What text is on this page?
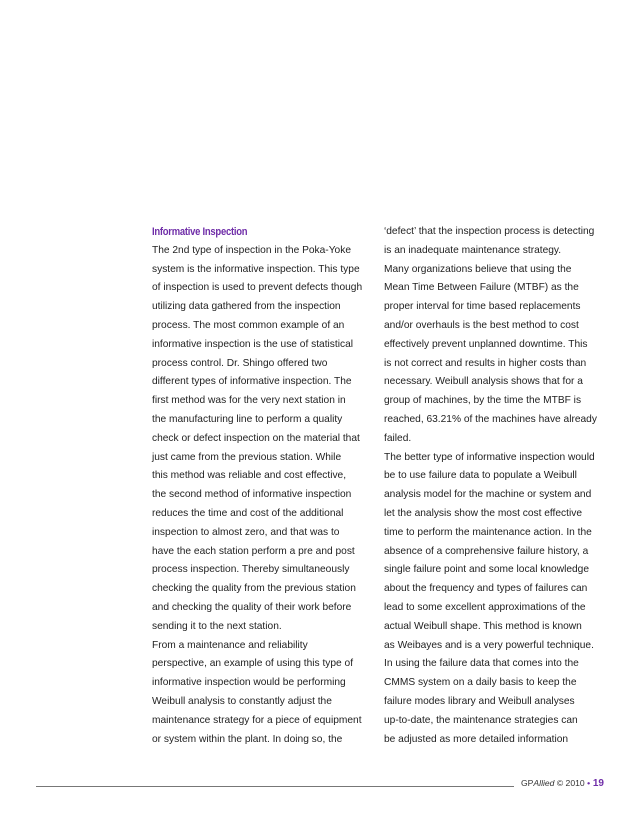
Informative Inspection
The 2nd type of inspection in the Poka-Yoke
system is the informative inspection. This type
of inspection is used to prevent defects though
utilizing data gathered from the inspection
process. The most common example of an
informative inspection is the use of statistical
process control. Dr. Shingo offered two
different types of informative inspection. The
first method was for the very next station in
the manufacturing line to perform a quality
check or defect inspection on the material that
just came from the previous station. While
this method was reliable and cost effective,
the second method of informative inspection
reduces the time and cost of the additional
inspection to almost zero, and that was to
have the each station perform a pre and post
process inspection. Thereby simultaneously
checking the quality from the previous station
and checking the quality of their work before
sending it to the next station.
From a maintenance and reliability
perspective, an example of using this type of
informative inspection would be performing
Weibull analysis to constantly adjust the
maintenance strategy for a piece of equipment
or system within the plant. In doing so, the
‘defect’ that the inspection process is detecting
is an inadequate maintenance strategy.
Many organizations believe that using the
Mean Time Between Failure (MTBF) as the
proper interval for time based replacements
and/or overhauls is the best method to cost
effectively prevent unplanned downtime. This
is not correct and results in higher costs than
necessary. Weibull analysis shows that for a
group of machines, by the time the MTBF is
reached, 63.21% of the machines have already
failed.
The better type of informative inspection would
be to use failure data to populate a Weibull
analysis model for the machine or system and
let the analysis show the most cost effective
time to perform the maintenance action. In the
absence of a comprehensive failure history, a
single failure point and some local knowledge
about the frequency and types of failures can
lead to some excellent approximations of the
actual Weibull shape. This method is known
as Weibayes and is a very powerful technique.
In using the failure data that comes into the
CMMS system on a daily basis to keep the
failure modes library and Weibull analyses
up-to-date, the maintenance strategies can
be adjusted as more detailed information
GPAllied © 2010 • 19
